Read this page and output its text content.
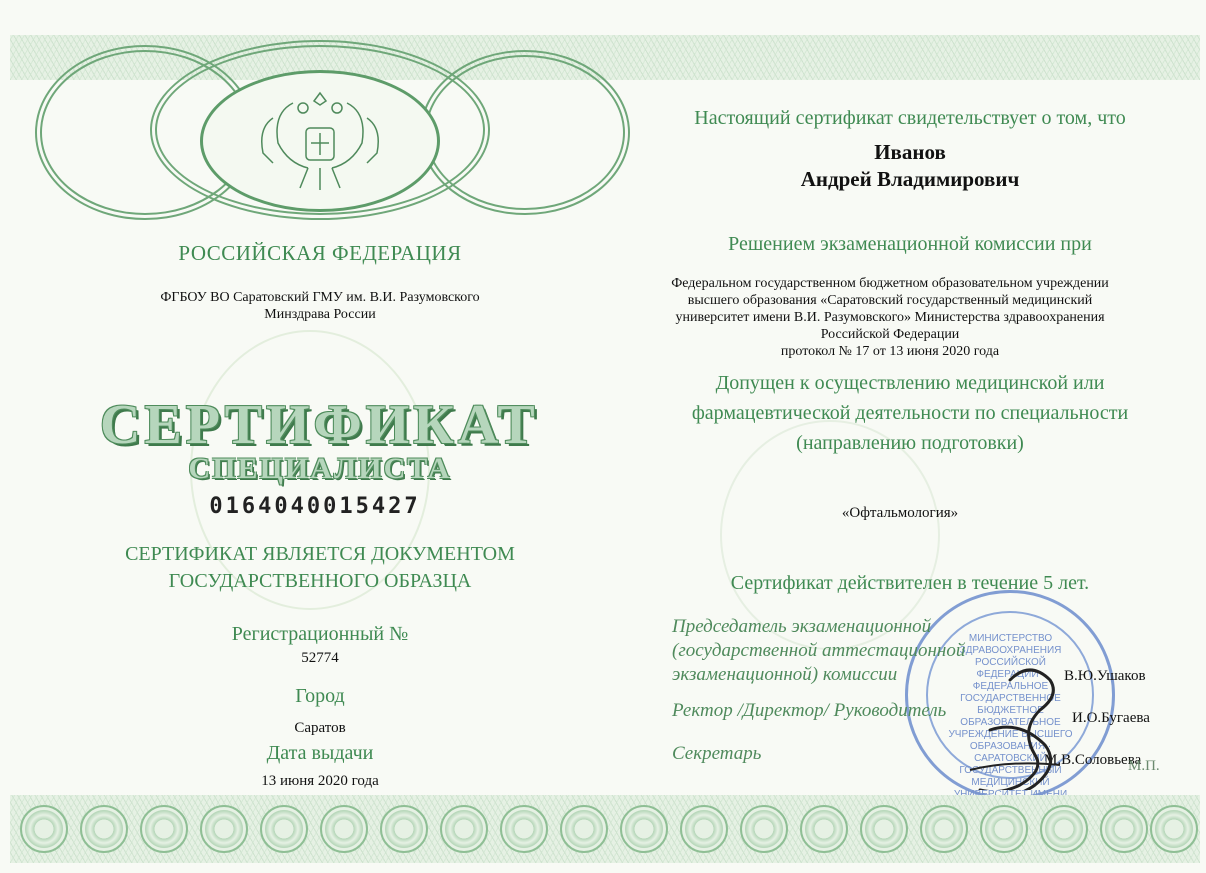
РОССИЙСКАЯ ФЕДЕРАЦИЯ
ФГБОУ ВО Саратовский ГМУ им. В.И. Разумовского
Минздрава России
СЕРТИФИКАТ
СПЕЦИАЛИСТА
0164040015427
СЕРТИФИКАТ ЯВЛЯЕТСЯ ДОКУМЕНТОМ
ГОСУДАРСТВЕННОГО ОБРАЗЦА
Регистрационный №
52774
Город
Саратов
Дата выдачи
13 июня 2020 года
Настоящий сертификат свидетельствует о том, что
Иванов
Андрей Владимирович
Решением экзаменационной комиссии при
Федеральном государственном бюджетном образовательном учреждении
высшего образования «Саратовский государственный медицинский
университет имени В.И. Разумовского» Министерства здравоохранения
Российской Федерации
протокол № 17 от 13 июня 2020 года
Допущен к осуществлению медицинской или
фармацевтической деятельности по специальности
(направлению подготовки)
«Офтальмология»
Сертификат действителен в течение 5 лет.
МИНИСТЕРСТВО ЗДРАВООХРАНЕНИЯ РОССИЙСКОЙ ФЕДЕРАЦИИ · ФЕДЕРАЛЬНОЕ ГОСУДАРСТВЕННОЕ БЮДЖЕТНОЕ ОБРАЗОВАТЕЛЬНОЕ УЧРЕЖДЕНИЕ ВЫСШЕГО ОБРАЗОВАНИЯ · САРАТОВСКИЙ ГОСУДАРСТВЕННЫЙ МЕДИЦИНСКИЙ
Председатель экзаменационной
(государственной аттестационной
экзаменационной) комиссии	В.Ю.Ушаков
Ректор /Директор/ Руководитель	И.О.Бугаева
Секретарь	М.В.Соловьева
М.П.
